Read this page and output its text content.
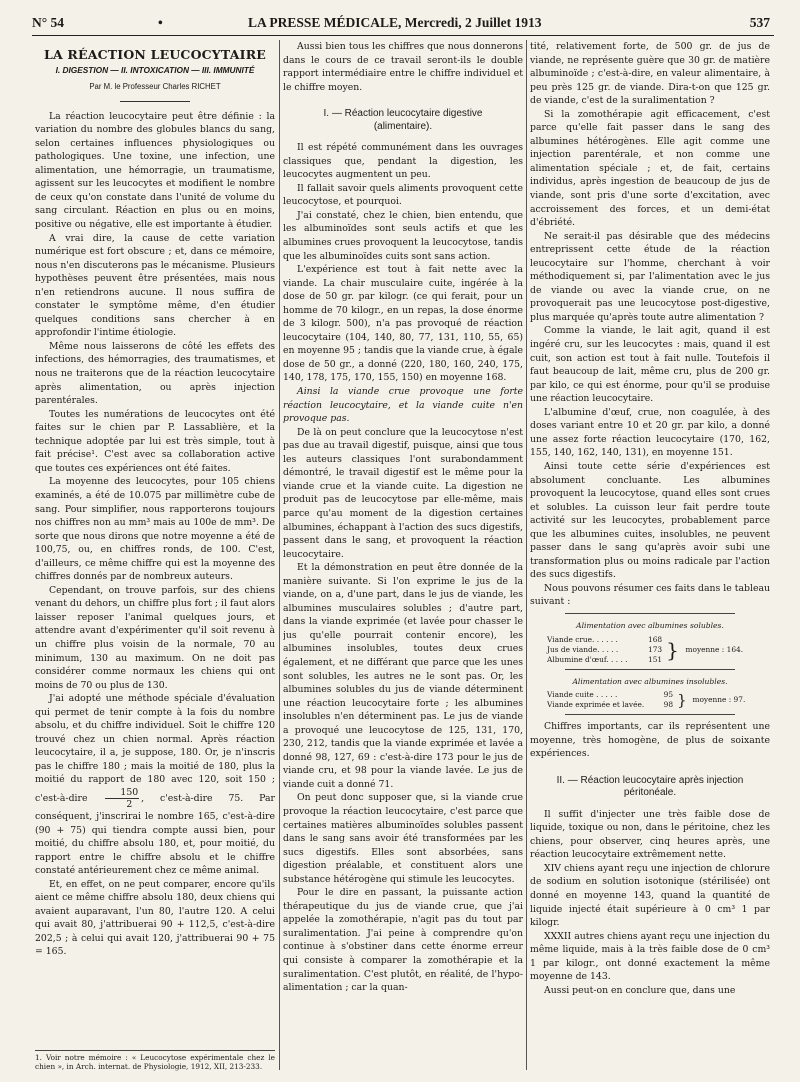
N° 54	•	LA PRESSE MÉDICALE, Mercredi, 2 Juillet 1913	537

LA RÉACTION LEUCOCYTAIRE

I. DIGESTION — II. INTOXICATION — III. IMMUNITÉ

Par M. le Professeur Charles RICHET

La réaction leucocytaire peut être définie : la variation du nombre des globules blancs du sang, selon certaines influences physiologiques ou pathologiques. Une toxine, une infection, une alimentation, une hémorragie, un traumatisme, agissent sur les leucocytes et modifient le nombre de ceux qu'on constate dans l'unité de volume du sang circulant. Réaction en plus ou en moins, positive ou négative, elle est importante à étudier.

A vrai dire, la cause de cette variation numérique est fort obscure ; et, dans ce mémoire, nous n'en discuterons pas le mécanisme. Plusieurs hypothèses peuvent être présentées, mais nous n'en retiendrons aucune. Il nous suffira de constater le symptôme même, d'en étudier quelques conditions sans chercher à en approfondir l'intime étiologie.

Même nous laisserons de côté les effets des infections, des hémorragies, des traumatismes, et nous ne traiterons que de la réaction leucocytaire après alimentation, ou après injection parentérales.

Toutes les numérations de leucocytes ont été faites sur le chien par P. Lassablière, et la technique adoptée par lui est très simple, tout à fait précise¹. C'est avec sa collaboration active que toutes ces expériences ont été faites.

La moyenne des leucocytes, pour 105 chiens examinés, a été de 10.075 par millimètre cube de sang. Pour simplifier, nous rapporterons toujours nos chiffres non au mm³ mais au 100e de mm³. De sorte que nous dirons que notre moyenne a été de 100,75, ou, en chiffres ronds, de 100. C'est, d'ailleurs, ce même chiffre qui est la moyenne des chiffres donnés par de nombreux auteurs.

Cependant, on trouve parfois, sur des chiens venant du dehors, un chiffre plus fort ; il faut alors laisser reposer l'animal quelques jours, et attendre avant d'expérimenter qu'il soit revenu à un chiffre plus voisin de la normale, 70 au minimum, 130 au maximum. On ne doit pas considérer comme normaux les chiens qui ont moins de 70 ou plus de 130.

J'ai adopté une méthode spéciale d'évaluation qui permet de tenir compte à la fois du nombre absolu, et du chiffre individuel. Soit le chiffre 120 trouvé chez un chien normal. Après réaction leucocytaire, il a, je suppose, 180. Or, je n'inscris pas le chiffre 180 ; mais la moitié de 180, plus la moitié du rapport de 180 avec 120, soit 150 ; c'est-à-dire $\frac{150}{2}$ , c'est-à-dire 75. Par conséquent, j'inscrirai le nombre 165, c'est-à-dire (90 + 75) qui tiendra compte aussi bien, pour moitié, du chiffre absolu 180, et, pour moitié, du rapport entre le chiffre absolu et le chiffre constaté antérieurement chez ce même animal.

Et, en effet, on ne peut comparer, encore qu'ils aient ce même chiffre absolu 180, deux chiens qui avaient auparavant, l'un 80, l'autre 120. A celui qui avait 80, j'attribuerai 90 + 112,5, c'est-à-dire 202,5 ; à celui qui avait 120, j'attribuerai 90 + 75 = 165.

1. Voir notre mémoire : « Leucocytose expérimentale chez le chien », in Arch. internat. de Physiologie, 1912, XII, 213-233.

Aussi bien tous les chiffres que nous donnerons dans le cours de ce travail seront-ils le double rapport intermédiaire entre le chiffre individuel et le chiffre moyen.

I. — Réaction leucocytaire digestive (alimentaire).

Il est répété communément dans les ouvrages classiques que, pendant la digestion, les leucocytes augmentent un peu.

Il fallait savoir quels aliments provoquent cette leucocytose, et pourquoi.

J'ai constaté, chez le chien, bien entendu, que les albuminoïdes sont seuls actifs et que les albumines crues provoquent la leucocytose, tandis que les albuminoïdes cuits sont sans action.

L'expérience est tout à fait nette avec la viande. La chair musculaire cuite, ingérée à la dose de 50 gr. par kilogr. (ce qui ferait, pour un homme de 70 kilogr., en un repas, la dose énorme de 3 kilogr. 500), n'a pas provoqué de réaction leucocytaire (104, 140, 80, 77, 131, 110, 55, 65) en moyenne 95 ; tandis que la viande crue, à égale dose de 50 gr., a donné (220, 180, 160, 240, 175, 140, 178, 175, 170, 155, 150) en moyenne 168.

Ainsi la viande crue provoque une forte réaction leucocytaire, et la viande cuite n'en provoque pas.

De là on peut conclure que la leucocytose n'est pas due au travail digestif, puisque, ainsi que tous les auteurs classiques l'ont surabondamment démontré, le travail digestif est le même pour la viande crue et la viande cuite. La digestion ne produit pas de leucocytose par elle-même, mais parce qu'au moment de la digestion certaines albumines, échappant à l'action des sucs digestifs, passent dans le sang, et provoquent la réaction leucocytaire.

Et la démonstration en peut être donnée de la manière suivante. Si l'on exprime le jus de la viande, on a, d'une part, dans le jus de viande, les albumines musculaires solubles ; d'autre part, dans la viande exprimée (et lavée pour chasser le jus qu'elle pourrait contenir encore), les albumines insolubles, toutes deux crues également, et ne différant que parce que les unes sont solubles, les autres ne le sont pas. Or, les albumines solubles du jus de viande déterminent une réaction leucocytaire forte ; les albumines insolubles n'en déterminent pas. Le jus de viande a provoqué une leucocytose de 125, 131, 170, 230, 212, tandis que la viande exprimée et lavée a donné 98, 127, 69 : c'est-à-dire 173 pour le jus de viande cru, et 98 pour la viande lavée. Le jus de viande cuit a donné 71.

On peut donc supposer que, si la viande crue provoque la réaction leucocytaire, c'est parce que certaines matières albuminoïdes solubles passent dans le sang sans avoir été transformées par les sucs digestifs. Elles sont absorbées, sans digestion préalable, et constituent alors une substance hétérogène qui stimule les leucocytes.

Pour le dire en passant, la puissante action thérapeutique du jus de viande crue, que j'ai appelée la zomothérapie, n'agit pas du tout par suralimentation. J'ai peine à comprendre qu'on continue à s'obstiner dans cette énorme erreur qui consiste à comparer la zomothérapie et la suralimentation. C'est plutôt, en réalité, de l'hypo-alimentation ; car la quan-

tité, relativement forte, de 500 gr. de jus de viande, ne représente guère que 30 gr. de matière albuminoïde ; c'est-à-dire, en valeur alimentaire, à peu près 125 gr. de viande. Dira-t-on que 125 gr. de viande, c'est de la suralimentation ?

Si la zomothérapie agit efficacement, c'est parce qu'elle fait passer dans le sang des albumines hétérogènes. Elle agit comme une injection parentérale, et non comme une alimentation spéciale ; et, de fait, certains individus, après ingestion de beaucoup de jus de viande, sont pris d'une sorte d'excitation, avec accroissement des forces, et un demi-état d'ébriété.

Ne serait-il pas désirable que des médecins entreprissent cette étude de la réaction leucocytaire sur l'homme, cherchant à voir méthodiquement si, par l'alimentation avec le jus de viande ou avec la viande crue, on ne provoquerait pas une leucocytose post-digestive, plus marquée qu'après toute autre alimentation ?

Comme la viande, le lait agit, quand il est ingéré cru, sur les leucocytes : mais, quand il est cuit, son action est tout à fait nulle. Toutefois il faut beaucoup de lait, même cru, plus de 200 gr. par kilo, ce qui est énorme, pour qu'il se produise une réaction leucocytaire.

L'albumine d'œuf, crue, non coagulée, à des doses variant entre 10 et 20 gr. par kilo, a donné une assez forte réaction leucocytaire (170, 162, 155, 140, 162, 140, 131), en moyenne 151.

Ainsi toute cette série d'expériences est absolument concluante. Les albumines provoquent la leucocytose, quand elles sont crues et solubles. La cuisson leur fait perdre toute activité sur les leucocytes, probablement parce que les albumines cuites, insolubles, ne peuvent passer dans le sang qu'après avoir subi une transformation plus ou moins radicale par l'action des sucs digestifs.

Nous pouvons résumer ces faits dans le tableau suivant :

Alimentation avec albumines solubles.

Viande crue. . . . . .	168	}	moyenne : 164.
Jus de viande. . . . .	173		
Albumine d'œuf. . . . .	151		

Alimentation avec albumines insolubles.

Viande cuite . . . . .	95	}	moyenne : 97.
Viande exprimée et lavée.	98		

Chiffres importants, car ils représentent une moyenne, très homogène, de plus de soixante expériences.

II. — Réaction leucocytaire après injection péritonéale.

Il suffit d'injecter une très faible dose de liquide, toxique ou non, dans le péritoine, chez les chiens, pour observer, cinq heures après, une réaction leucocytaire extrêmement nette.

XIV chiens ayant reçu une injection de chlorure de sodium en solution isotonique (stérilisée) ont donné en moyenne 143, quand la quantité de liquide injecté était supérieure à 0 cm³ 1 par kilogr.

XXXII autres chiens ayant reçu une injection du même liquide, mais à la très faible dose de 0 cm³ 1 par kilogr., ont donné exactement la même moyenne de 143.

Aussi peut-on en conclure que, dans une
